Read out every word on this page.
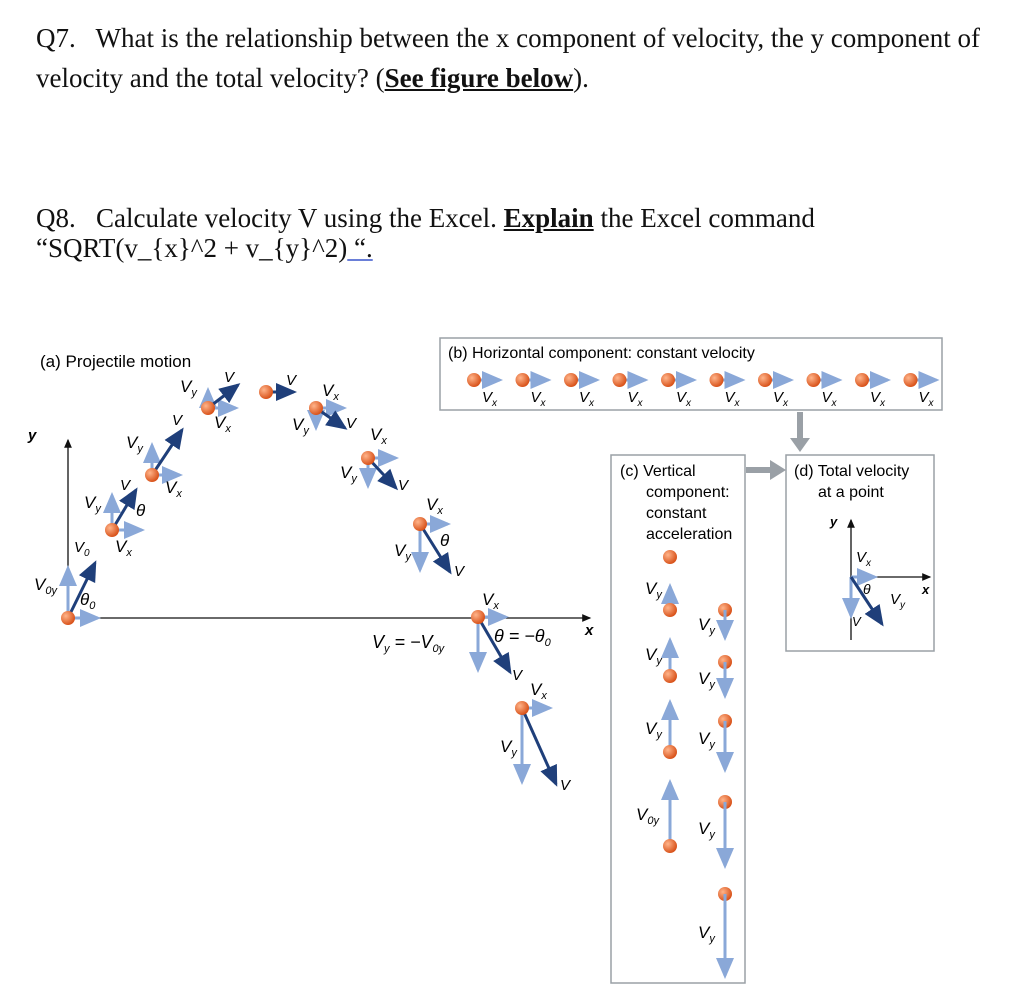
Q7. What is the relationship between the x component of velocity, the y component of velocity and the total velocity? (See figure below).
Q8. Calculate velocity V using the Excel. Explain the Excel command
“SQRT(v_{x}^2 + v_{y}^2) “.
(a) Projectile motion
y
x
$V_{0y}$ $\theta_0$
$V_0$
$V_y$
V
θ
$V_x$
$V_y$
V
$V_x$
$V_y$
V
$V_x$
V
$V_y$
$V_x$
V
$V_y$
$V_x$
V
$V_y$
$V_x$
θ
V
$V_x$
$\theta = -\theta_0$
$V_y = -V_{0y}$
V
$V_y$
$V_x$
V
(b) Horizontal component: constant velocity
$V_x$ $V_x$ $V_x$ $V_x$ $V_x$ $V_x$ $V_x$ $V_x$ $V_x$ $V_x$
(c) Vertical component: constant acceleration
$V_y$
$V_y$
$V_y$
$V_{0y}$
$V_y$
$V_y$
$V_y$
$V_y$
$V_y$
(d) Total velocity at a point
y
x
$V_x$
θ
$V_y$
V
